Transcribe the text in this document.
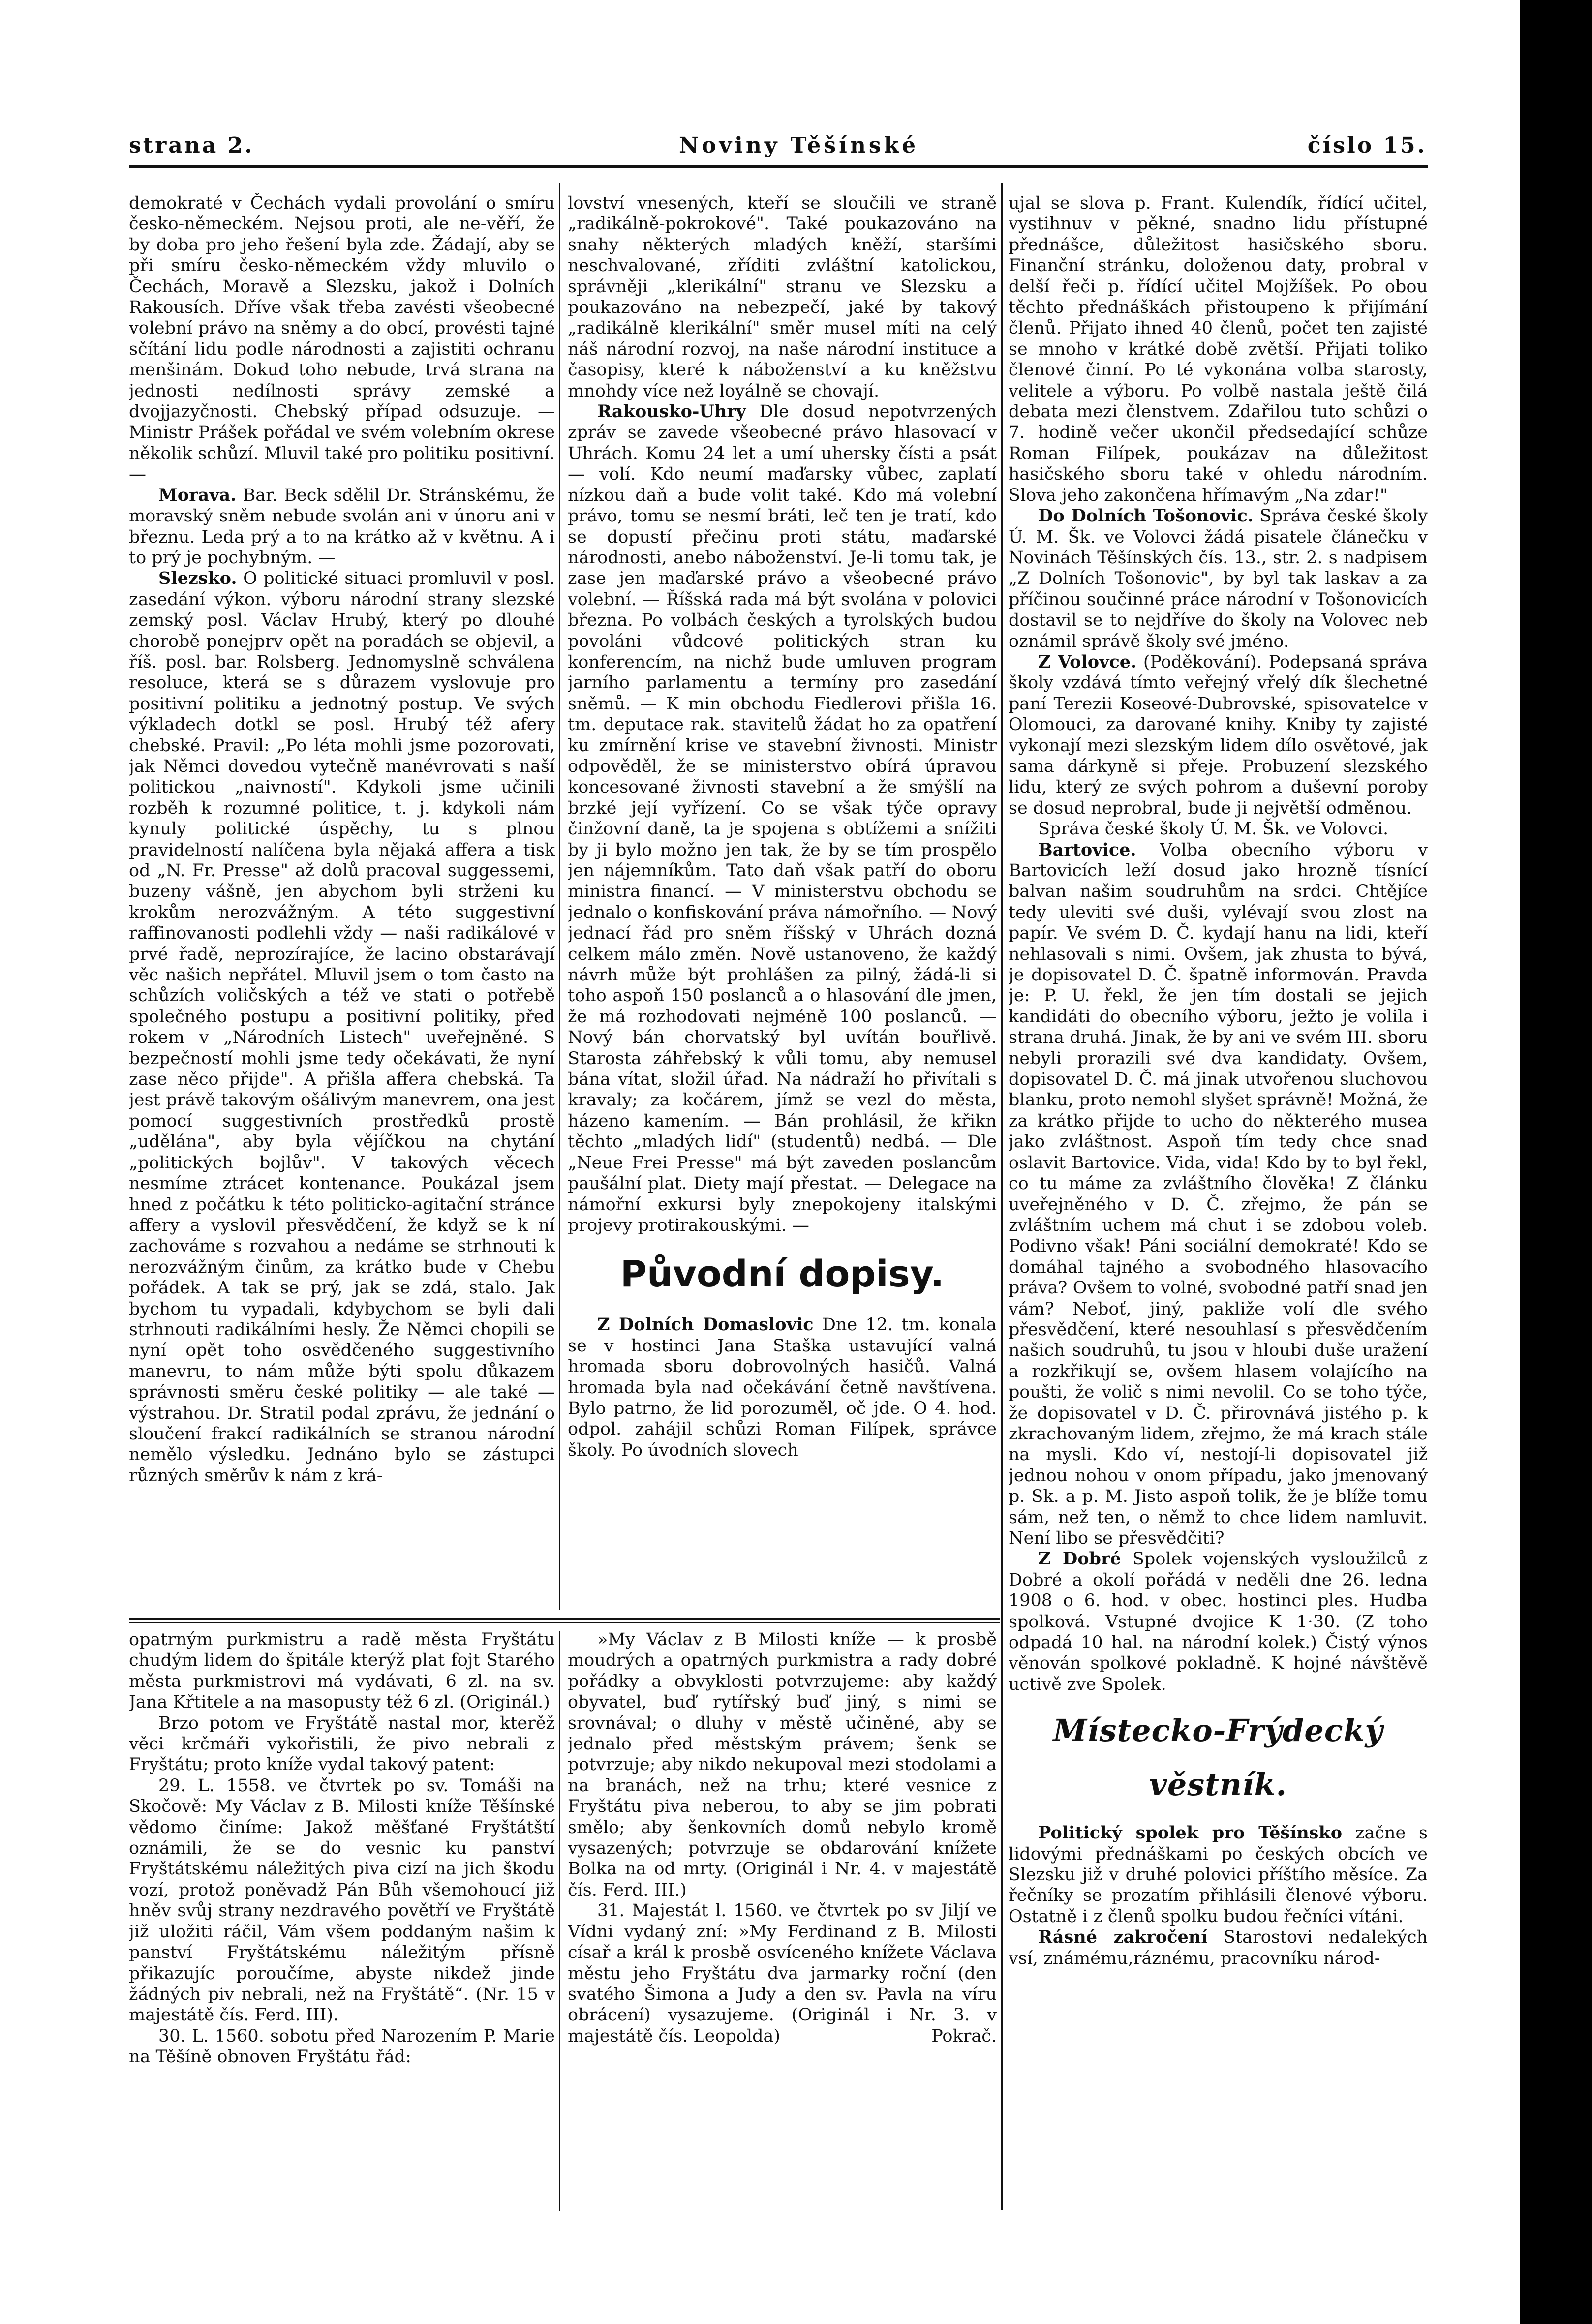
strana 2.	Noviny Těšínské	číslo 15.

demokraté v Čechách vydali provolání o smíru česko-německém. Nejsou proti, ale ne-věří, že by doba pro jeho řešení byla zde. Žádají, aby se při smíru česko-německém vždy mluvilo o Čechách, Moravě a Slezsku, jakož i Dolních Rakousích. Dříve však třeba zavésti všeobecné volební právo na sněmy a do obcí, provésti tajné sčítání lidu podle národnosti a zajistiti ochranu menšinám. Dokud toho nebude, trvá strana na jednosti nedílnosti správy zemské a dvojjazyčnosti. Chebský případ odsuzuje. — Ministr Prášek pořádal ve svém volebním okrese několik schůzí. Mluvil také pro politiku positivní. —

Morava. Bar. Beck sdělil Dr. Stránskému, že moravský sněm nebude svolán ani v únoru ani v březnu. Leda prý a to na krátko až v květnu. A i to prý je pochybným. —

Slezsko. O politické situaci promluvil v posl. zasedání výkon. výboru národní strany slezské zemský posl. Václav Hrubý, který po dlouhé chorobě ponejprv opět na poradách se objevil, a říš. posl. bar. Rolsberg. Jednomyslně schválena resoluce, která se s důrazem vyslovuje pro positivní politiku a jednotný postup. Ve svých výkladech dotkl se posl. Hrubý též afery chebské. Pravil: „Po léta mohli jsme pozorovati, jak Němci dovedou vytečně manévrovati s naší politickou „naivností". Kdykoli jsme učinili rozběh k rozumné politice, t. j. kdykoli nám kynuly politické úspěchy, tu s plnou pravidelností nalíčena byla nějaká affera a tisk od „N. Fr. Presse" až dolů pracoval suggessemi, buzeny vášně, jen abychom byli strženi ku krokům nerozvážným. A této suggestivní raffinovanosti podlehli vždy — naši radikálové v prvé řadě, neprozírajíce, že lacino obstarávají věc našich nepřátel. Mluvil jsem o tom často na schůzích voličských a též ve stati o potřebě společného postupu a positivní politiky, před rokem v „Národních Listech" uveřejněné. S bezpečností mohli jsme tedy očekávati, že nyní zase něco přijde". A přišla affera chebská. Ta jest právě takovým ošálivým manevrem, ona jest pomocí suggestivních prostředků prostě „udělána", aby byla vějíčkou na chytání „politických bojlův". V takových věcech nesmíme ztrácet kontenance. Poukázal jsem hned z počátku k této politicko-agitační stránce affery a vyslovil přesvědčení, že když se k ní zachováme s rozvahou a nedáme se strhnouti k nerozvážným činům, za krátko bude v Chebu pořádek. A tak se prý, jak se zdá, stalo. Jak bychom tu vypadali, kdybychom se byli dali strhnouti radikálními hesly. Že Němci chopili se nyní opět toho osvědčeného suggestivního manevru, to nám může býti spolu důkazem správnosti směru české politiky — ale také — výstrahou. Dr. Stratil podal zprávu, že jednání o sloučení frakcí radikálních se stranou národní nemělo výsledku. Jednáno bylo se zástupci různých směrův k nám z krá-

lovství vnesených, kteří se sloučili ve straně „radikálně-pokrokové". Také poukazováno na snahy některých mladých kněží, staršími neschvalované, zříditi zvláštní katolickou, správněji „klerikální" stranu ve Slezsku a poukazováno na nebezpečí, jaké by takový „radikálně klerikální" směr musel míti na celý náš národní rozvoj, na naše národní instituce a časopisy, které k náboženství a ku kněžstvu mnohdy více než loyálně se chovají.

Rakousko-Uhry Dle dosud nepotvrzených zpráv se zavede všeobecné právo hlasovací v Uhrách. Komu 24 let a umí uhersky čísti a psát — volí. Kdo neumí maďarsky vůbec, zaplatí nízkou daň a bude volit také. Kdo má volební právo, tomu se nesmí bráti, leč ten je tratí, kdo se dopustí přečinu proti státu, maďarské národnosti, anebo náboženství. Je-li tomu tak, je zase jen maďarské právo a všeobecné právo volební. — Říšská rada má být svolána v polovici března. Po volbách českých a tyrolských budou povoláni vůdcové politických stran ku konferencím, na nichž bude umluven program jarního parlamentu a termíny pro zasedání sněmů. — K min obchodu Fiedlerovi přišla 16. tm. deputace rak. stavitelů žádat ho za opatření ku zmírnění krise ve stavební živnosti. Ministr odpověděl, že se ministerstvo obírá úpravou koncesované živnosti stavební a že smýšlí na brzké její vyřízení. Co se však týče opravy činžovní daně, ta je spojena s obtížemi a snížiti by ji bylo možno jen tak, že by se tím prospělo jen nájemníkům. Tato daň však patří do oboru ministra financí. — V ministerstvu obchodu se jednalo o konfiskování práva námořního. — Nový jednací řád pro sněm říšský v Uhrách dozná celkem málo změn. Nově ustanoveno, že každý návrh může být prohlášen za pilný, žádá-li si toho aspoň 150 poslanců a o hlasování dle jmen, že má rozhodovati nejméně 100 poslanců. — Nový bán chorvatský byl uvítán bouřlivě. Starosta záhřebský k vůli tomu, aby nemusel bána vítat, složil úřad. Na nádraží ho přivítali s kravaly; za kočárem, jímž se vezl do města, házeno kamením. — Bán prohlásil, že křikn těchto „mladých lidí" (studentů) nedbá. — Dle „Neue Frei Presse" má být zaveden poslancům paušální plat. Diety mají přestat. — Delegace na námořní exkursi byly znepokojeny italskými projevy protirakouskými. —

Původní dopisy.

Z Dolních Domaslovic Dne 12. tm. konala se v hostinci Jana Staška ustavující valná hromada sboru dobrovolných hasičů. Valná hromada byla nad očekávání četně navštívena. Bylo patrno, že lid porozuměl, oč jde. O 4. hod. odpol. zahájil schůzi Roman Filípek, správce školy. Po úvodních slovech

ujal se slova p. Frant. Kulendík, řídící učitel, vystihnuv v pěkné, snadno lidu přístupné přednášce, důležitost hasičského sboru. Finanční stránku, doloženou daty, probral v delší řeči p. řídící učitel Mojžíšek. Po obou těchto přednáškách přistoupeno k přijímání členů. Přijato ihned 40 členů, počet ten zajisté se mnoho v krátké době zvětší. Přijati toliko členové činní. Po té vykonána volba starosty, velitele a výboru. Po volbě nastala ještě čilá debata mezi členstvem. Zdařilou tuto schůzi o 7. hodině večer ukončil předsedající schůze Roman Filípek, poukázav na důležitost hasičského sboru také v ohledu národním. Slova jeho zakončena hřímavým „Na zdar!"

Do Dolních Tošonovic. Správa české školy Ú. M. Šk. ve Volovci žádá pisatele článečku v Novinách Těšínských čís. 13., str. 2. s nadpisem „Z Dolních Tošonovic", by byl tak laskav a za příčinou součinné práce národní v Tošonovicích dostavil se to nejdříve do školy na Volovec neb oznámil správě školy své jméno.

Z Volovce. (Poděkování). Podepsaná správa školy vzdává tímto veřejný vřelý dík šlechetné paní Terezii Koseové-Dubrovské, spisovatelce v Olomouci, za darované knihy. Kniby ty zajisté vykonají mezi slezským lidem dílo osvětové, jak sama dárkyně si přeje. Probuzení slezského lidu, který ze svých pohrom a duševní poroby se dosud neprobral, bude ji největší odměnou.

Správa české školy Ú. M. Šk. ve Volovci.

Bartovice. Volba obecního výboru v Bartovicích leží dosud jako hrozně tísnící balvan našim soudruhům na srdci. Chtějíce tedy uleviti své duši, vylévají svou zlost na papír. Ve svém D. Č. kydají hanu na lidi, kteří nehlasovali s nimi. Ovšem, jak zhusta to bývá, je dopisovatel D. Č. špatně informován. Pravda je: P. U. řekl, že jen tím dostali se jejich kandidáti do obecního výboru, ježto je volila i strana druhá. Jinak, že by ani ve svém III. sboru nebyli prorazili své dva kandidaty. Ovšem, dopisovatel D. Č. má jinak utvořenou sluchovou blanku, proto nemohl slyšet správně! Možná, že za krátko přijde to ucho do některého musea jako zvláštnost. Aspoň tím tedy chce snad oslavit Bartovice. Vida, vida! Kdo by to byl řekl, co tu máme za zvláštního člověka! Z článku uveřejněného v D. Č. zřejmo, že pán se zvláštním uchem má chut i se zdobou voleb. Podivno však! Páni sociální demokraté! Kdo se domáhal tajného a svobodného hlasovacího práva? Ovšem to volné, svobodné patří snad jen vám? Neboť, jiný, pakliže volí dle svého přesvědčení, které nesouhlasí s přesvědčením našich soudruhů, tu jsou v hloubi duše uražení a rozkřikují se, ovšem hlasem volajícího na poušti, že volič s nimi nevolil. Co se toho týče, že dopisovatel v D. Č. přirovnává jistého p. k zkrachovaným lidem, zřejmo, že má krach stále na mysli. Kdo ví, nestojí-li dopisovatel již jednou nohou v onom případu, jako jmenovaný p. Sk. a p. M. Jisto aspoň tolik, že je blíže tomu sám, než ten, o němž to chce lidem namluvit. Není libo se přesvědčiti?

Z Dobré Spolek vojenských vysloužilců z Dobré a okolí pořádá v neděli dne 26. ledna 1908 o 6. hod. v obec. hostinci ples. Hudba spolková. Vstupné dvojice K 1·30. (Z toho odpadá 10 hal. na národní kolek.) Čistý výnos věnován spolkové pokladně. K hojné návštěvě uctivě zve Spolek.

Místecko-Frýdecký věstník.

Politický spolek pro Těšínsko začne s lidovými přednáškami po českých obcích ve Slezsku již v druhé polovici příštího měsíce. Za řečníky se prozatím přihlásili členové výboru. Ostatně i z členů spolku budou řečníci vítáni.

Rásné zakročení Starostovi nedalekých vsí, známému,ráznému, pracovníku národ-

opatrným purkmistru a radě města Fryštátu chudým lidem do špitále kterýž plat fojt Starého města purkmistrovi má vydávati, 6 zl. na sv. Jana Křtitele a na masopusty též 6 zl. (Originál.)

Brzo potom ve Fryštátě nastal mor, kterěž věci krčmáři vykořistili, že pivo nebrali z Fryštátu; proto kníže vydal takový patent:

29. L. 1558. ve čtvrtek po sv. Tomáši na Skočově: My Václav z B. Milosti kníže Těšínské vědomo činíme: Jakož měšťané Fryštátští oznámili, že se do vesnic ku panství Fryštátskému náležitých piva cizí na jich škodu vozí, protož poněvadž Pán Bůh všemohoucí již hněv svůj strany nezdravého povětří ve Fryštátě již uložiti ráčil, Vám všem poddaným našim k panství Fryštátskému náležitým přísně přikazujíc poroučíme, abyste nikdež jinde žádných piv nebrali, než na Fryštátě“. (Nr. 15 v majestátě čís. Ferd. III).

30. L. 1560. sobotu před Narozením P. Marie na Těšíně obnoven Fryštátu řád:

»My Václav z B Milosti kníže — k prosbě moudrých a opatrných purkmistra a rady dobré pořádky a obvyklosti potvrzujeme: aby každý obyvatel, buď rytířský buď jiný, s nimi se srovnával; o dluhy v městě učiněné, aby se jednalo před městským právem; šenk se potvrzuje; aby nikdo nekupoval mezi stodolami a na branách, než na trhu; které vesnice z Fryštátu piva neberou, to aby se jim pobrati smělo; aby šenkovních domů nebylo kromě vysazených; potvrzuje se obdarování knížete Bolka na od mrty. (Originál i Nr. 4. v majestátě čís. Ferd. III.)

31. Majestát l. 1560. ve čtvrtek po sv Jiljí ve Vídni vydaný zní: »My Ferdinand z B. Milosti císař a král k prosbě osvíceného knížete Václava městu jeho Fryštátu dva jarmarky roční (den svatého Šimona a Judy a den sv. Pavla na víru obrácení) vysazujeme. (Originál i Nr. 3. v majestátě čís. Leopolda)	Pokrač.
